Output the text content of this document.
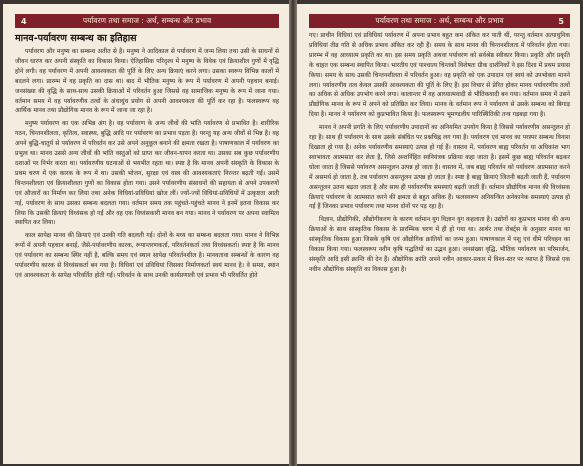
4	पर्यावरण तथा समाज : अर्थ, सम्बन्ध और प्रभाव
मानव-पर्यावरण सम्बन्ध का इतिहास

पर्यावरण और मनुष्य का सम्बन्ध अतीत से है। मनुष्य ने आदिकाल से पर्यावरण में जन्म लिया तथा उसी के साधनों से जीवन धारण कर अपनी संस्कृति का विकास किया। ऐतिहासिक परिदृश्य में मनुष्य के विवेक एवं क्रियाशील गुणों में वृद्धि होने लगी। वह पर्यावरण में अपनी आवश्यकता की पूर्ति के लिए अन्य क्रियाएं करने लगा। उसका स्वरूप विभिन्न कालों में बदलने लगा। प्रारम्भ में वह प्रकृति का दास था। बाद में भौतिक मनुष्य के रूप में पर्यावरण में अपनी पहचान बनाई। जनसंख्या की वृद्धि के साथ-साथ उसकी क्रियाओं में परिवर्तन हुआ जिससे वह सामाजिक मनुष्य के रूप में जाना गया। वर्तमान समय में वह पर्यावरणीय तत्वों के अंधाधुंध प्रयोग से अपनी आवश्यकता की पूर्ति कर रहा है। फलस्वरूप वह आर्थिक मानव तथा प्रौद्योगिक मानव के रूप में जाना जा रहा है।

मनुष्य पर्यावरण का एक अभिन्न अंग है। वह पर्यावरण के अन्य जीवों की भांति पर्यावरण से प्रभावित है। शारीरिक गठन, चिन्तनशीलता, कृतित्व, स्वास्थ्य, बुद्धि आदि पर पर्यावरण का प्रभाव पड़ता है। परन्तु यह अन्य जीवों से भिन्न है। वह अपने बुद्धि-चातुर्य से पर्यावरण में परिवर्तन कर उसे अपने अनुकूल बनाने की क्षमता रखता है। पाषाणकाल में पर्यावरण का प्रभुत्व था। मानव उससे अन्य जीवों की भांति वस्तुओं को प्राप्त कर जीवन-यापन करता था। उसका सब कुछ पर्यावरणीय दशाओं पर निर्भर करता था। पर्यावरणीय घटनाओं से भयभीत रहता था। स्पष्ट है कि मानव अपनी संस्कृति के विकास के प्रथम चरण में एक कारक के रूप में था। उसकी भोजन, सुरक्षा एवं वस्त्र की आवश्यकताएं निरन्तर बढ़ती गईं। उसमें चिन्तनशीलता एवं क्रियाशीलता गुणों का विकास होता गया। उसने पर्यावरणीय संसाधनों की सहायता से अपने उपकरणों एवं औजारों का निर्माण कर लिया तथा अनेक विधियां-प्रविधियां खोज लीं। ज्यों-ज्यों विधियां-प्रविधियों में उत्कृष्टता आती गई, पर्यावरण के साथ उसका सम्बन्ध बदलता गया। वर्तमान समय तक पहुंचते-पहुंचते मानव ने इनमें इतना विकास कर लिया कि उसकी क्रियाएं विध्वंसक हो गईं और वह एक विध्वंसकारी मानव बन गया। मानव ने पर्यावरण पर अपना स्वामित्व स्थापित कर लिया।

काल सापेक्ष मानव की क्रियाएं एवं उनकी गति बदलती गई। दोनों के मध्य का सम्बन्ध बदलता गया। मानव ने विभिन्न रूपों में अपनी पहचान बनाई, जैसे-पर्यावरणीय कारक, रूपान्तरणकर्ता, परिवर्तनकर्ता तथा विध्वंसकर्ता। स्पष्ट है कि मानव एवं पर्यावरण का सम्बन्ध स्थिर नहीं है, बल्कि समय एवं स्थान सापेक्ष परिवर्तनशील है। मानवतावा सम्बन्धों के कारण वह पर्यावरणीय कारक से विध्वंसकर्ता बन गया है। विधियां एवं प्रविधियां जिसका निर्माणकर्ता स्वयं मानव है। वे समय, स्थान एवं आवश्यकता के सापेक्ष परिवर्तित होती गईं। परिवर्तन के साथ उनकी कार्यप्रणाली एवं प्रभाव भी परिवर्तित होते

पर्यावरण तथा समाज : अर्थ, सम्बन्ध और प्रभाव	5

गए। प्राचीन विधियां एवं प्रविधियां पर्यावरण में अपना प्रभाव बहुत कम अंकित कर पाती थीं, परन्तु वर्तमान अत्याधुनिक प्रविधियां तीव्र गति से अधिक प्रभाव अंकित कर रही हैं। समय के साथ मानव की चिन्तनशीलता में परिवर्तन होता गया। प्रारम्भ में वह आध्यात्म प्रकृति का था। इस समय प्रकृति अथवा पर्यावरण को सर्वश्रेष्ठ स्वीकार किया। प्रकृति और प्रकृति के चाहत एक सम्बन्ध स्थापित किया। भारतीय एवं पाश्चात्य चिन्तकों विशेषतः ग्रीक दार्शनिकों ने इस दिशा में प्रथम प्रयास किया। समय के साथ उसकी चिन्तनशीलता में परिवर्तन हुआ। वह प्रकृति को एक उपादान एवं स्वयं को उपभोक्ता मानने लगा। पर्यावरणीय तत्व केवल उसकी आवश्यकता की पूर्ति के लिए हैं। इस विचार से प्रेरित होकर मानव पर्यावरणीय तत्वों का अधिक से अधिक उपभोग करने लगा। कालान्तर में वह आध्यात्मवादी से भौतिकवादी बन गया। वर्तमान समय में उसने प्रौद्योगिक मानव के रूप में अपने को प्रतिष्ठित कर लिया। मानव के वर्तमान रूप ने पर्यावरण से उसके सम्बन्ध को बिगाड़ दिया है। मानव ने पर्यावरण को कुप्रभावित किया है। फलस्वरूप भूमण्डलीय पारिस्थितिकी तन्त्र गड़बड़ा गया है।

मानव ने अपनी प्रगति के लिए पर्यावरणीय उपादानों का अनियमित उपयोग किया है जिससे पर्यावरणीय असन्तुलन हो रहा है। साथ ही पर्यावरण के साथ उसके संबंधित पर प्रश्नचिह्न लग गया है। पर्यावरण एवं मानव का परस्पर सम्बन्ध विनाश दिखाता हो गया है। अनेक पर्यावरणीय समस्याएं उत्पन्न हो गई हैं। वास्तव में, पर्यावरण बाह्य परिवर्तन या अधिकांश भाग स्वाभावतः आत्मसात कर लेता है, जिसे अन्तर्निहित स्वनियंत्रक प्रक्रिया कहा जाता है। इसमें कुछ बाह्य परिवर्तन बढ़कर घोला जाता है जिससे पर्यावरण असन्तुलन उत्पन्न हो जाता है। वास्तव में, जब बाह्य परिवर्तन को पर्यावरण आत्मसात करने में असमर्थ हो जाता है, तब पर्यावरण असन्तुलन उत्पन्न हो जाता है। स्पष्ट है बाह्य क्रियाएं जितनी बढ़ती जाती हैं, पर्यावरण असन्तुलन उतना बढ़ता जाता है और साथ ही पर्यावरणीय समस्याएं बढ़ती जाती हैं। वर्तमान प्रौद्योगिक मानव की विध्वंसक क्रियाएं पर्यावरण के आत्मसात करने की क्षमता से बहुत अधिक हैं। फलस्वरूप अनियन्त्रित अनेकानेक समस्याएं उत्पन्न हो गई हैं जिनका प्रभाव पर्यावरण तथा मानव दोनों पर पड़ रहा है।

विज्ञान, प्रौद्योगिकी, औद्योगीकरण के कारण वर्तमान युग विज्ञान युग कहलाता है। उद्योगों का कुप्रभाव मानव की अन्य क्रियाओं के साथ सांस्कृतिक विकास के प्रारम्भिक चरण में ही हो गया था। आर्थर तथा रोबर्ट्स के अनुसार मानव का सांस्कृतिक विकास हुआ जिसके कृषि एवं औद्योगिक क्रांतियों का जन्म हुआ। पाषाणकाल में पशु एवं धीमे परिवहन का विकास किया गया। फलस्वरूप नवीन कृषि पद्धतियों का उद्भव हुआ। जनसंख्या वृद्धि, भौतिक पर्यावरण का परिमार्जन, संस्कृति आदि इसी क्रान्ति की देन हैं। औद्योगिक क्रांति अपने नवीन आकार-प्रकार में विश्व-स्तर पर व्याप्त है जिससे एक नवीन औद्योगिक संस्कृति का विकास हुआ है।
